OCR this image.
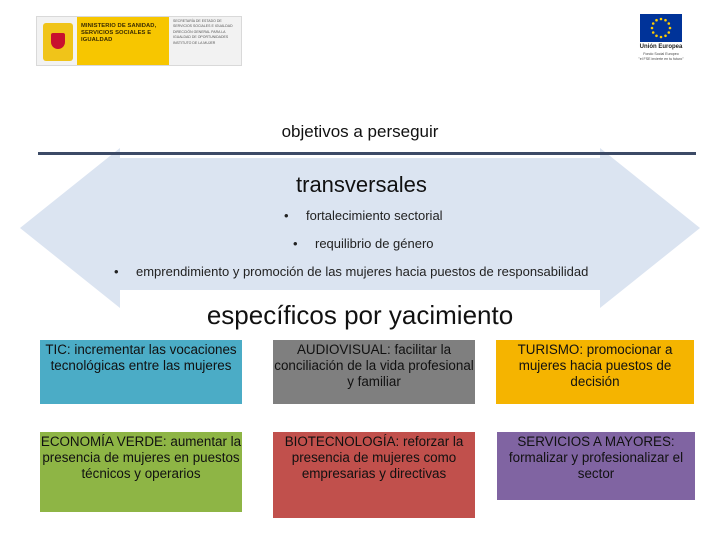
MINISTERIO DE SANIDAD, SERVICIOS SOCIALES E IGUALDAD
SECRETARÍA DE ESTADO DE SERVICIOS SOCIALES E IGUALDAD
DIRECCIÓN GENERAL PARA LA IGUALDAD DE OPORTUNIDADES
INSTITUTO DE LA MUJER
Unión Europea
Fondo Social Europeo
"el FSE invierte en tu futuro"
objetivos a perseguir
transversales
• fortalecimiento sectorial
• requilibrio de género
• emprendimiento y promoción de las mujeres hacia puestos de responsabilidad
específicos por yacimiento
TIC: incrementar las vocaciones tecnológicas entre las mujeres
AUDIOVISUAL: facilitar la conciliación de la vida profesional y familiar
TURISMO: promocionar a mujeres hacia puestos de decisión
ECONOMÍA VERDE: aumentar la presencia de mujeres en puestos técnicos y operarios
BIOTECNOLOGÍA: reforzar la presencia de mujeres como empresarias y directivas
SERVICIOS A MAYORES: formalizar y profesionalizar el sector
